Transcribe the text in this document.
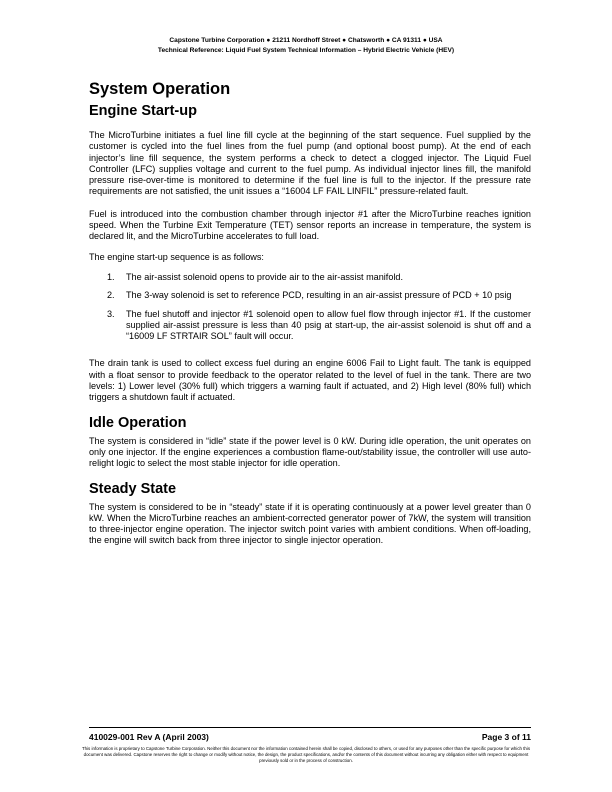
Capstone Turbine Corporation ● 21211 Nordhoff Street ● Chatsworth ● CA 91311 ● USA
Technical Reference: Liquid Fuel System Technical Information – Hybrid Electric Vehicle (HEV)
System Operation
Engine Start-up

The MicroTurbine initiates a fuel line fill cycle at the beginning of the start sequence. Fuel supplied by the customer is cycled into the fuel lines from the fuel pump (and optional boost pump). At the end of each injector’s line fill sequence, the system performs a check to detect a clogged injector. The Liquid Fuel Controller (LFC) supplies voltage and current to the fuel pump. As individual injector lines fill, the manifold pressure rise-over-time is monitored to determine if the fuel line is full to the injector. If the pressure rate requirements are not satisfied, the unit issues a “16004 LF FAIL LINFIL” pressure-related fault.

Fuel is introduced into the combustion chamber through injector #1 after the MicroTurbine reaches ignition speed. When the Turbine Exit Temperature (TET) sensor reports an increase in temperature, the system is declared lit, and the MicroTurbine accelerates to full load.

The engine start-up sequence is as follows:

1. The air-assist solenoid opens to provide air to the air-assist manifold.
2. The 3-way solenoid is set to reference PCD, resulting in an air-assist pressure of PCD + 10 psig
3. The fuel shutoff and injector #1 solenoid open to allow fuel flow through injector #1. If the customer supplied air-assist pressure is less than 40 psig at start-up, the air-assist solenoid is shut off and a “16009 LF STRTAIR SOL” fault will occur.

The drain tank is used to collect excess fuel during an engine 6006 Fail to Light fault. The tank is equipped with a float sensor to provide feedback to the operator related to the level of fuel in the tank. There are two levels: 1) Lower level (30% full) which triggers a warning fault if actuated, and 2) High level (80% full) which triggers a shutdown fault if actuated.

Idle Operation

The system is considered in “idle” state if the power level is 0 kW. During idle operation, the unit operates on only one injector. If the engine experiences a combustion flame-out/stability issue, the controller will use auto-relight logic to select the most stable injector for idle operation.

Steady State

The system is considered to be in “steady” state if it is operating continuously at a power level greater than 0 kW. When the MicroTurbine reaches an ambient-corrected generator power of 7kW, the system will transition to three-injector engine operation. The injector switch point varies with ambient conditions. When off-loading, the engine will switch back from three injector to single injector operation.

410029-001 Rev A (April 2003)	Page 3 of 11
This information is proprietary to Capstone Turbine Corporation. Neither this document nor the information contained herein shall be copied, disclosed to others, or used for any purposes other than the specific purpose for which this document was delivered. Capstone reserves the right to change or modify without notice, the design, the product specifications, and/or the contents of this document without incurring any obligation either with respect to equipment previously sold or in the process of construction.
